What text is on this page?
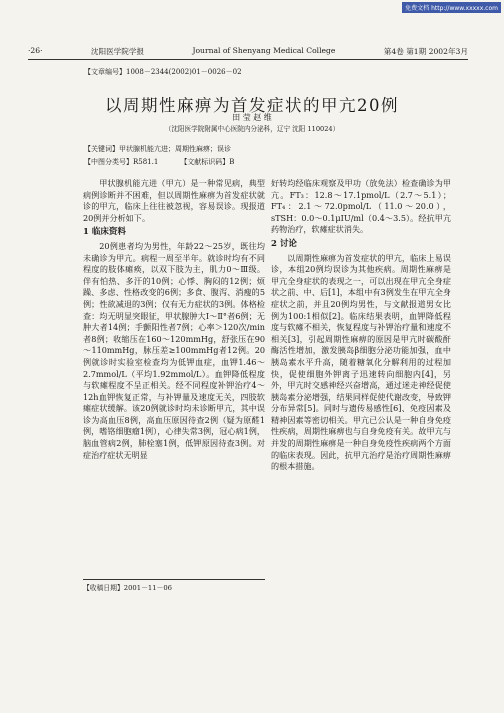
免费文档 http://www.xxxxx.com
·26·	沈阳医学院学报	Journal of Shenyang Medical College	第4卷 第1期 2002年3月
【文章编号】1008－2344(2002)01－0026－02
以周期性麻痹为首发症状的甲亢20例
田 莹 赵 维
（沈阳医学院附属中心医院内分泌科，辽宁 沈阳 110024）
【关键词】甲状腺机能亢进；周期性麻痹；误诊
【中图分类号】R581.1	【文献标识码】B

甲状腺机能亢进（甲亢）是一种常见病，典型病例诊断并不困难，但以周期性麻痹为首发症状就诊的甲亢，临床上往往被忽视，容易误诊。现报道20例并分析如下。

1 临床资料

20例患者均为男性，年龄22～25岁，既往均未确诊为甲亢。病程一周至半年。就诊时均有不同程度的肢体瘫痪，以双下肢为主，肌力0～Ⅲ级。伴有怕热、多汗的10例；心悸、胸闷的12例；烦躁、多虑、性格改变的6例；多食、腹泻、消瘦的5例；性欲减退的3例；仅有无力症状的3例。体格检查：均无明显突眼征，甲状腺肿大Ⅰ～Ⅱ°者6例；无肿大者14例；手颤阳性者7例；心率＞120次/min者8例；收缩压在160～120mmHg，舒张压在90～110mmHg，脉压差≥100mmHg者12例。20例就诊时实验室检查均为低钾血症，血钾1.46～2.7mmol/L（平均1.92mmol/L）。血钾降低程度与软瘫程度不呈正相关。经不同程度补钾治疗4～12h血钾恢复正常，与补钾量及速度无关，四肢软瘫症状缓解。该20例就诊时均未诊断甲亢，其中误诊为高血压8例，高血压原因待查2例（疑为原醛1例，嗜铬细胞瘤1例），心律失常3例，冠心病1例，脑血管病2例，肺栓塞1例，低钾原因待查3例。对症治疗症状无明显

好转均经临床观察及甲功（放免法）检查确诊为甲亢。FT₃：12.8～17.1pmol/L（2.7～5.1）；FT₄：2.1～72.0pmol/L（11.0～20.0），sTSH：0.0～0.1μIU/ml（0.4～3.5）。经抗甲亢药物治疗，软瘫症状消失。

2 讨论

以周期性麻痹为首发症状的甲亢，临床上易误诊，本组20例均误诊为其他疾病。周期性麻痹是甲亢全身症状的表现之一，可以出现在甲亢全身症状之前、中、后[1]，本组中有3例发生在甲亢全身症状之前，并且20例均男性，与文献报道男女比例为100:1相似[2]。临床结果表明，血钾降低程度与软瘫不相关，恢复程度与补钾治疗量和速度不相关[3]，引起周期性麻痹的原因是甲亢时碳酸酐酶活性增加，激发胰岛β细胞分泌功能加强，血中胰岛素水平升高，随着糖氧化分解利用的过程加快，促使细胞外钾离子迅速转向细胞内[4]，另外，甲亢时交感神经兴奋增高，通过迷走神经促使胰岛素分泌增强，结果同样促使代谢改变，导致钾分布异常[5]。同时与遗传易感性[6]、免疫因素及精神因素等密切相关。甲亢已公认是一种自身免疫性疾病，周期性麻痹也与自身免疫有关。故甲亢与并发的周期性麻痹是一种自身免疫性疾病两个方面的临床表现。因此，抗甲亢治疗是治疗周期性麻痹的根本措施。

【收稿日期】2001－11－06
